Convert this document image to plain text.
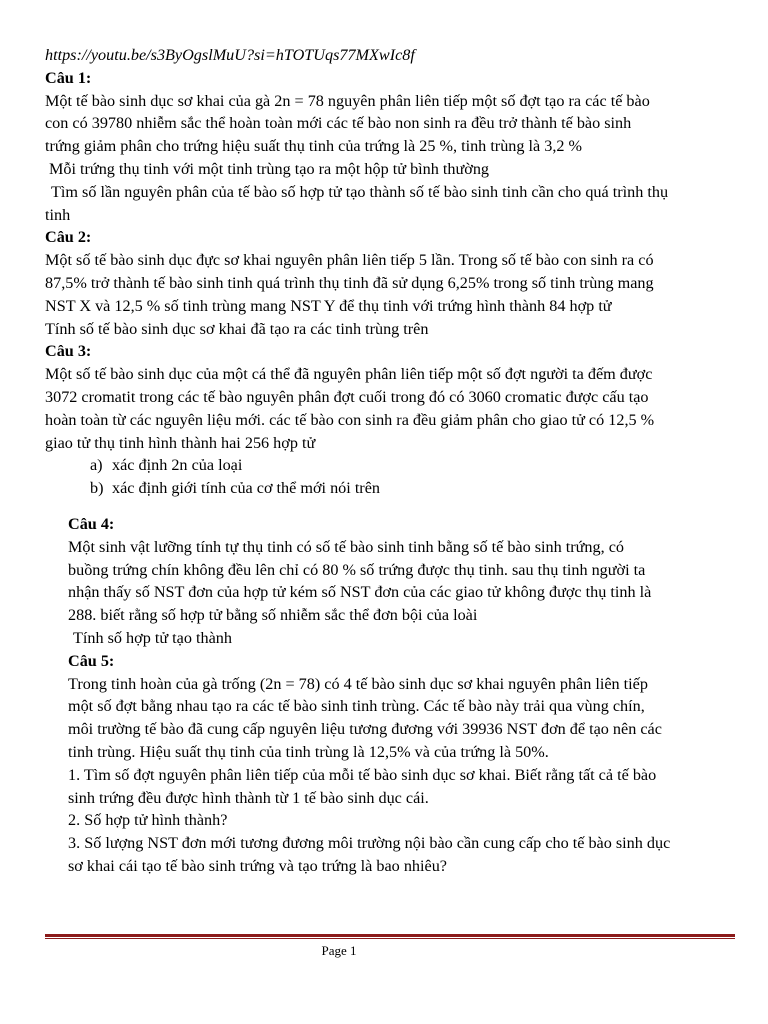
https://youtu.be/s3ByOgslMuU?si=hTOTUqs77MXwIc8f

Câu 1:

Một tế bào sinh dục sơ khai của gà 2n = 78 nguyên phân liên tiếp một số đợt tạo ra các tế bào

con có 39780 nhiễm sắc thể hoàn toàn mới các tế bào non sinh ra đều trở thành tế bào sinh

trứng giảm phân cho trứng hiệu suất thụ tinh của trứng là 25 %, tinh trùng là 3,2 %

Mỗi trứng thụ tinh với một tinh trùng tạo ra một hộp tử bình thường

Tìm số lần nguyên phân của tế bào số hợp tử tạo thành số tế bào sinh tinh cần cho quá trình thụ

tinh

Câu 2:

Một số tế bào sinh dục đực sơ khai nguyên phân liên tiếp 5 lần. Trong số tế bào con sinh ra có

87,5% trở thành tế bào sinh tinh quá trình thụ tinh đã sử dụng 6,25% trong số tinh trùng mang

NST X và 12,5 % số tinh trùng mang NST Y để thụ tinh với trứng hình thành 84 hợp tử

Tính số tế bào sinh dục sơ khai đã tạo ra các tinh trùng trên

Câu 3:

Một số tế bào sinh dục của một cá thể đã nguyên phân liên tiếp một số đợt người ta đếm được

3072 cromatit trong các tế bào nguyên phân đợt cuối trong đó có 3060 cromatic được cấu tạo

hoàn toàn từ các nguyên liệu mới. các tế bào con sinh ra đều giảm phân cho giao tử có 12,5 %

giao tử thụ tinh hình thành hai 256 hợp tử

a) xác định 2n của loại

b) xác định giới tính của cơ thể mới nói trên

Câu 4:

Một sinh vật lưỡng tính tự thụ tinh có số tế bào sinh tinh bằng số tế bào sinh trứng, có

buồng trứng chín không đều lên chỉ có 80 % số trứng được thụ tinh. sau thụ tinh người ta

nhận thấy số NST đơn của hợp tử kém số NST đơn của các giao tử không được thụ tinh là

288. biết rằng số hợp tử bằng số nhiễm sắc thể đơn bội của loài

Tính số hợp tử tạo thành

Câu 5:

Trong tinh hoàn của gà trống (2n = 78) có 4 tế bào sinh dục sơ khai nguyên phân liên tiếp

một số đợt bằng nhau tạo ra các tế bào sinh tinh trùng. Các tế bào này trải qua vùng chín,

môi trường tế bào đã cung cấp nguyên liệu tương đương với 39936 NST đơn để tạo nên các

tinh trùng. Hiệu suất thụ tinh của tinh trùng là 12,5% và của trứng là 50%.

1. Tìm số đợt nguyên phân liên tiếp của mỗi tế bào sinh dục sơ khai. Biết rằng tất cả tế bào

sinh trứng đều được hình thành từ 1 tế bào sinh dục cái.

2. Số hợp tử hình thành?

3. Số lượng NST đơn mới tương đương môi trường nội bào cần cung cấp cho tế bào sinh dục

sơ khai cái tạo tế bào sinh trứng và tạo trứng là bao nhiêu?

Page 1
